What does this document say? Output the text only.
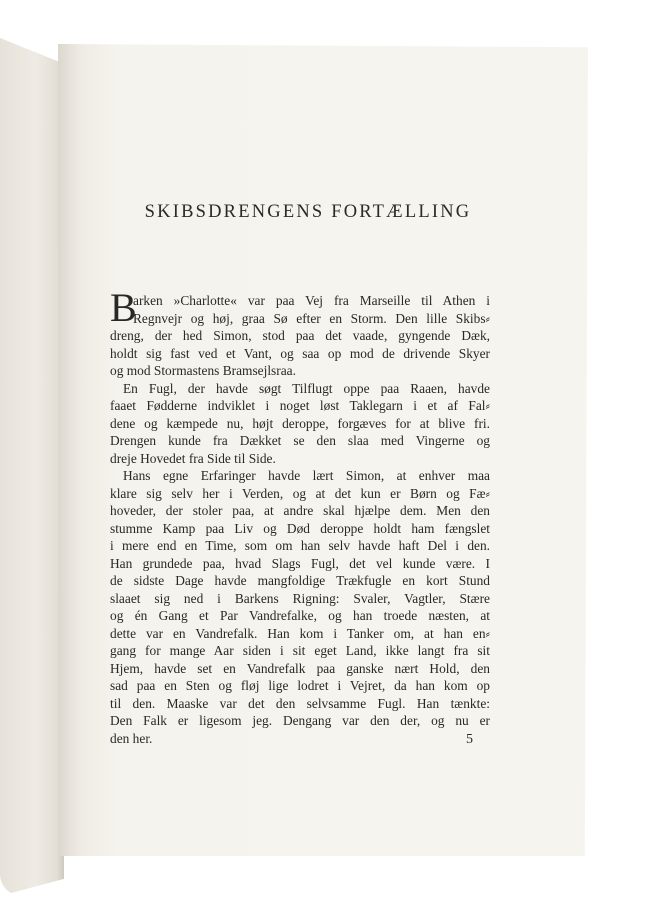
SKIBSDRENGENS FORTÆLLING
B
arken »Charlotte« var paa Vej fra Marseille til Athen i
Regnvejr og høj, graa Sø efter en Storm. Den lille Skibs⸗
dreng, der hed Simon, stod paa det vaade, gyngende Dæk,
holdt sig fast ved et Vant, og saa op mod de drivende Skyer
og mod Stormastens Bramsejlsraa.
En Fugl, der havde søgt Tilflugt oppe paa Raaen, havde
faaet Fødderne indviklet i noget løst Taklegarn i et af Fal⸗
dene og kæmpede nu, højt deroppe, forgæves for at blive fri.
Drengen kunde fra Dækket se den slaa med Vingerne og
dreje Hovedet fra Side til Side.
Hans egne Erfaringer havde lært Simon, at enhver maa
klare sig selv her i Verden, og at det kun er Børn og Fæ⸗
hoveder, der stoler paa, at andre skal hjælpe dem. Men den
stumme Kamp paa Liv og Død deroppe holdt ham fængslet
i mere end en Time, som om han selv havde haft Del i den.
Han grundede paa, hvad Slags Fugl, det vel kunde være. I
de sidste Dage havde mangfoldige Trækfugle en kort Stund
slaaet sig ned i Barkens Rigning: Svaler, Vagtler, Stære
og én Gang et Par Vandrefalke, og han troede næsten, at
dette var en Vandrefalk. Han kom i Tanker om, at han en⸗
gang for mange Aar siden i sit eget Land, ikke langt fra sit
Hjem, havde set en Vandrefalk paa ganske nært Hold, den
sad paa en Sten og fløj lige lodret i Vejret, da han kom op
til den. Maaske var det den selvsamme Fugl. Han tænkte:
Den Falk er ligesom jeg. Dengang var den der, og nu er
den her.	5
